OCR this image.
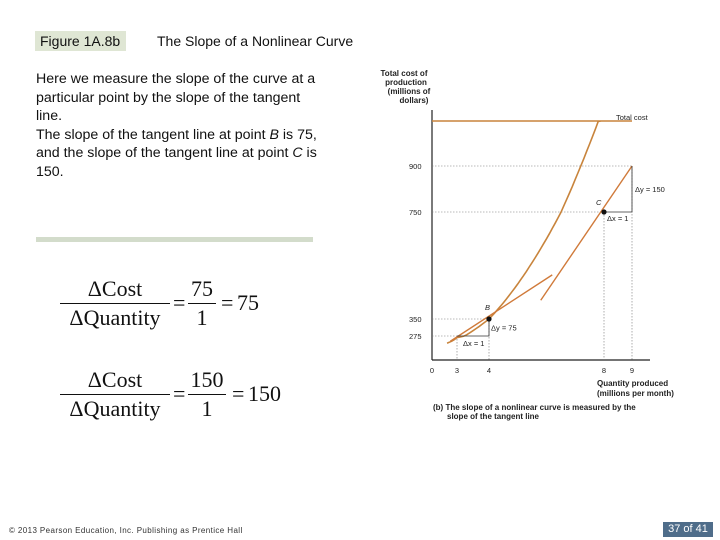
Figure 1A.8b	The Slope of a Nonlinear Curve
Here we measure the slope of the curve at a particular point by the slope of the tangent line.
The slope of the tangent line at point B is 75,
and the slope of the tangent line at point C is 150.
ΔCost
ΔQuantity
=
75
1
= 75
ΔCost
ΔQuantity
=
150
1
= 150
Total cost of
production
(millions of
dollars)
Quantity produced
(millions per month)
Total cost
(b) The slope of a nonlinear curve is measured by the
slope of the tangent line
900
750
350
275
0	3	4	8	9
B
C
Δx = 1
Δy = 75
Δx = 1
Δy = 150
© 2013 Pearson Education, Inc. Publishing as Prentice Hall	37 of 41
